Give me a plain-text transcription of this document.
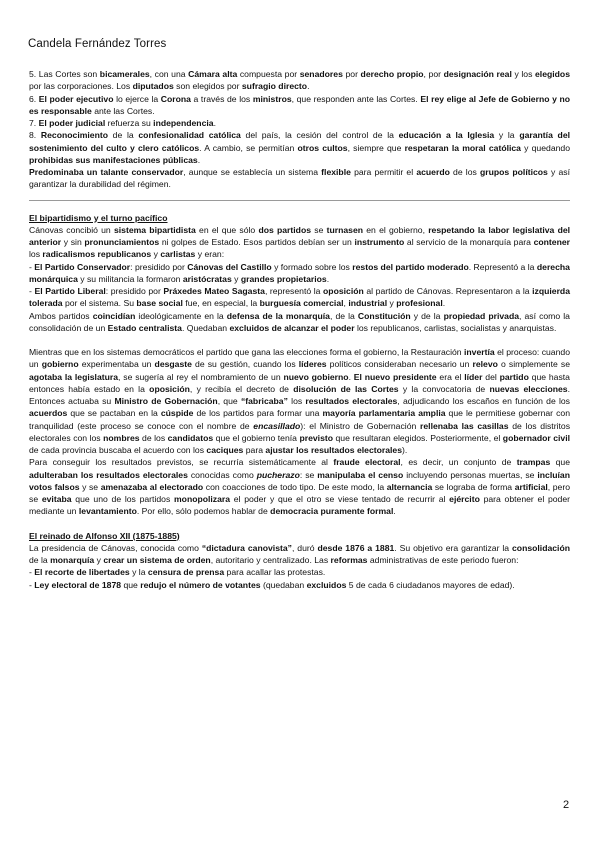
Candela Fernández Torres

5. Las Cortes son bicamerales, con una Cámara alta compuesta por senadores por derecho propio, por designación real y los elegidos por las corporaciones. Los diputados son elegidos por sufragio directo.

6. El poder ejecutivo lo ejerce la Corona a través de los ministros, que responden ante las Cortes. El rey elige al Jefe de Gobierno y no es responsable ante las Cortes.

7. El poder judicial refuerza su independencia.

8. Reconocimiento de la confesionalidad católica del país, la cesión del control de la educación a la Iglesia y la garantía del sostenimiento del culto y clero católicos. A cambio, se permitían otros cultos, siempre que respetaran la moral católica y quedando prohibidas sus manifestaciones públicas.

Predominaba un talante conservador, aunque se establecía un sistema flexible para permitir el acuerdo de los grupos políticos y así garantizar la durabilidad del régimen.

El bipartidismo y el turno pacífico

Cánovas concibió un sistema bipartidista en el que sólo dos partidos se turnasen en el gobierno, respetando la labor legislativa del anterior y sin pronunciamientos ni golpes de Estado. Esos partidos debían ser un instrumento al servicio de la monarquía para contener los radicalismos republicanos y carlistas y eran:

- El Partido Conservador: presidido por Cánovas del Castillo y formado sobre los restos del partido moderado. Representó a la derecha monárquica y su militancia la formaron aristócratas y grandes propietarios.

- El Partido Liberal: presidido por Práxedes Mateo Sagasta, representó la oposición al partido de Cánovas. Representaron a la izquierda tolerada por el sistema. Su base social fue, en especial, la burguesía comercial, industrial y profesional.

Ambos partidos coincidían ideológicamente en la defensa de la monarquía, de la Constitución y de la propiedad privada, así como la consolidación de un Estado centralista. Quedaban excluidos de alcanzar el poder los republicanos, carlistas, socialistas y anarquistas.

Mientras que en los sistemas democráticos el partido que gana las elecciones forma el gobierno, la Restauración invertía el proceso: cuando un gobierno experimentaba un desgaste de su gestión, cuando los líderes políticos consideraban necesario un relevo o simplemente se agotaba la legislatura, se sugería al rey el nombramiento de un nuevo gobierno. El nuevo presidente era el líder del partido que hasta entonces había estado en la oposición, y recibía el decreto de disolución de las Cortes y la convocatoria de nuevas elecciones. Entonces actuaba su Ministro de Gobernación, que “fabricaba” los resultados electorales, adjudicando los escaños en función de los acuerdos que se pactaban en la cúspide de los partidos para formar una mayoría parlamentaria amplia que le permitiese gobernar con tranquilidad (este proceso se conoce con el nombre de encasillado): el Ministro de Gobernación rellenaba las casillas de los distritos electorales con los nombres de los candidatos que el gobierno tenía previsto que resultaran elegidos. Posteriormente, el gobernador civil de cada provincia buscaba el acuerdo con los caciques para ajustar los resultados electorales).

Para conseguir los resultados previstos, se recurría sistemáticamente al fraude electoral, es decir, un conjunto de trampas que adulteraban los resultados electorales conocidas como pucherazo: se manipulaba el censo incluyendo personas muertas, se incluían votos falsos y se amenazaba al electorado con coacciones de todo tipo. De este modo, la alternancia se lograba de forma artificial, pero se evitaba que uno de los partidos monopolizara el poder y que el otro se viese tentado de recurrir al ejército para obtener el poder mediante un levantamiento. Por ello, sólo podemos hablar de democracia puramente formal.

El reinado de Alfonso XII (1875-1885)

La presidencia de Cánovas, conocida como “dictadura canovista”, duró desde 1876 a 1881. Su objetivo era garantizar la consolidación de la monarquía y crear un sistema de orden, autoritario y centralizado. Las reformas administrativas de este periodo fueron:

- El recorte de libertades y la censura de prensa para acallar las protestas.

- Ley electoral de 1878 que redujo el número de votantes (quedaban excluidos 5 de cada 6 ciudadanos mayores de edad).

2
